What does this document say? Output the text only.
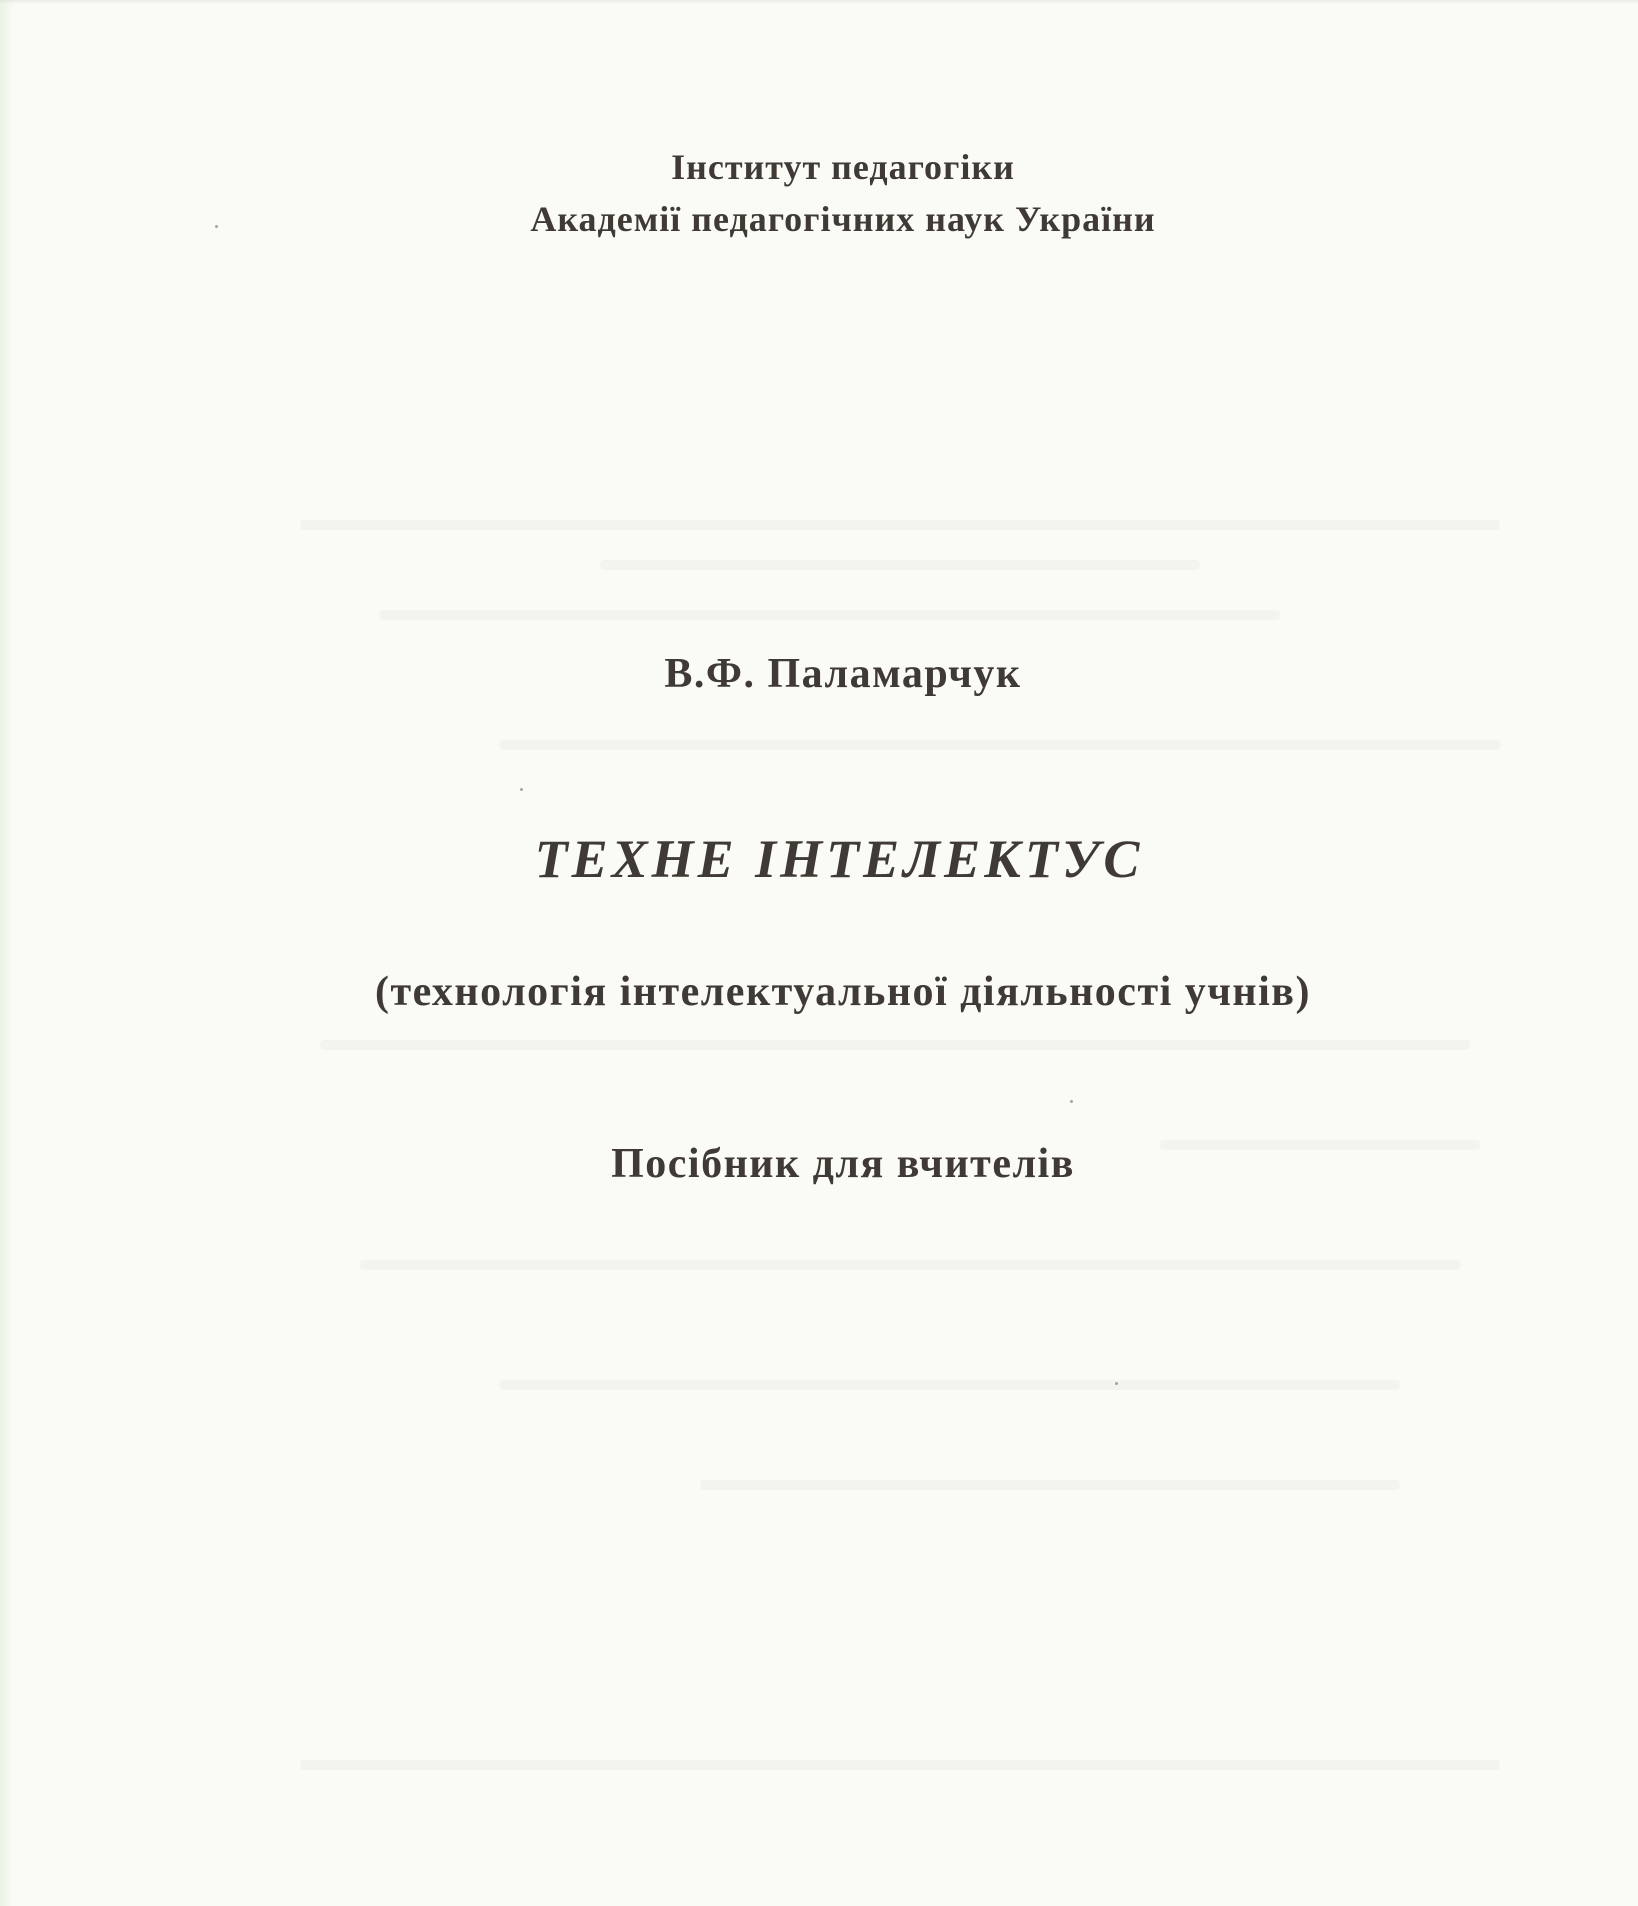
Інститут педагогіки
Академії педагогічних наук України
В.Ф. Паламарчук
ТЕХНЕ ІНТЕЛЕКТУС
(технологія інтелектуальної діяльності учнів)
Посібник для вчителів
